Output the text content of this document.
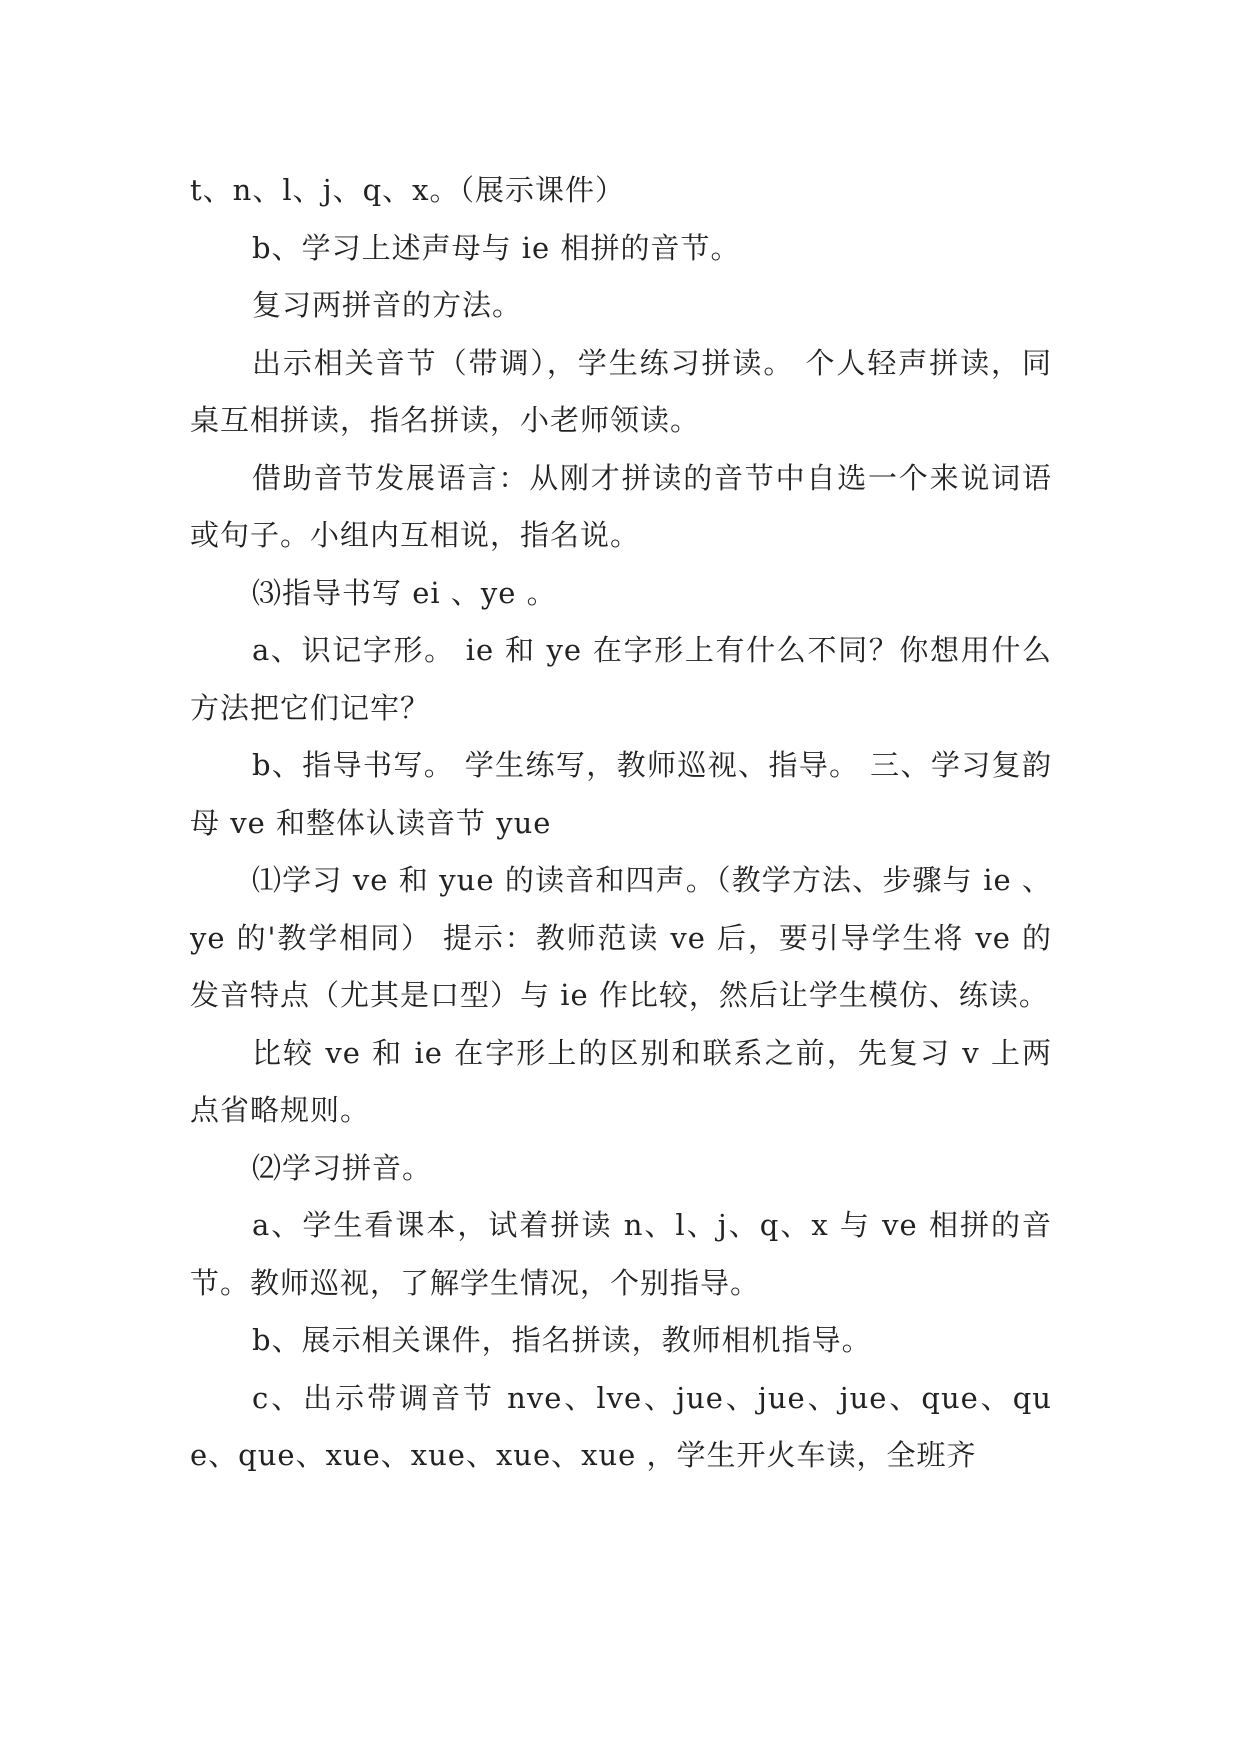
t、n、l、j、q、x。（展示课件）

b、学习上述声母与 ie 相拼的音节。

复习两拼音的方法。

出示相关音节（带调），学生练习拼读。 个人轻声拼读，同桌互相拼读，指名拼读，小老师领读。

借助音节发展语言：从刚才拼读的音节中自选一个来说词语或句子。小组内互相说，指名说。

⑶指导书写 ei 、ye 。

a、识记字形。 ie 和 ye 在字形上有什么不同？你想用什么方法把它们记牢？

b、指导书写。 学生练写，教师巡视、指导。 三、学习复韵母 ve 和整体认读音节 yue

⑴学习 ve 和 yue 的读音和四声。（教学方法、步骤与 ie 、ye 的'教学相同） 提示：教师范读 ve 后，要引导学生将 ve 的发音特点（尤其是口型）与 ie 作比较，然后让学生模仿、练读。

比较 ve 和 ie 在字形上的区别和联系之前，先复习 v 上两点省略规则。

⑵学习拼音。

a、学生看课本，试着拼读 n、l、j、q、x 与 ve 相拼的音节。教师巡视，了解学生情况，个别指导。

b、展示相关课件，指名拼读，教师相机指导。

c、出示带调音节 nve、lve、jue、jue、jue、que、que、que、xue、xue、xue、xue ，学生开火车读，全班齐
